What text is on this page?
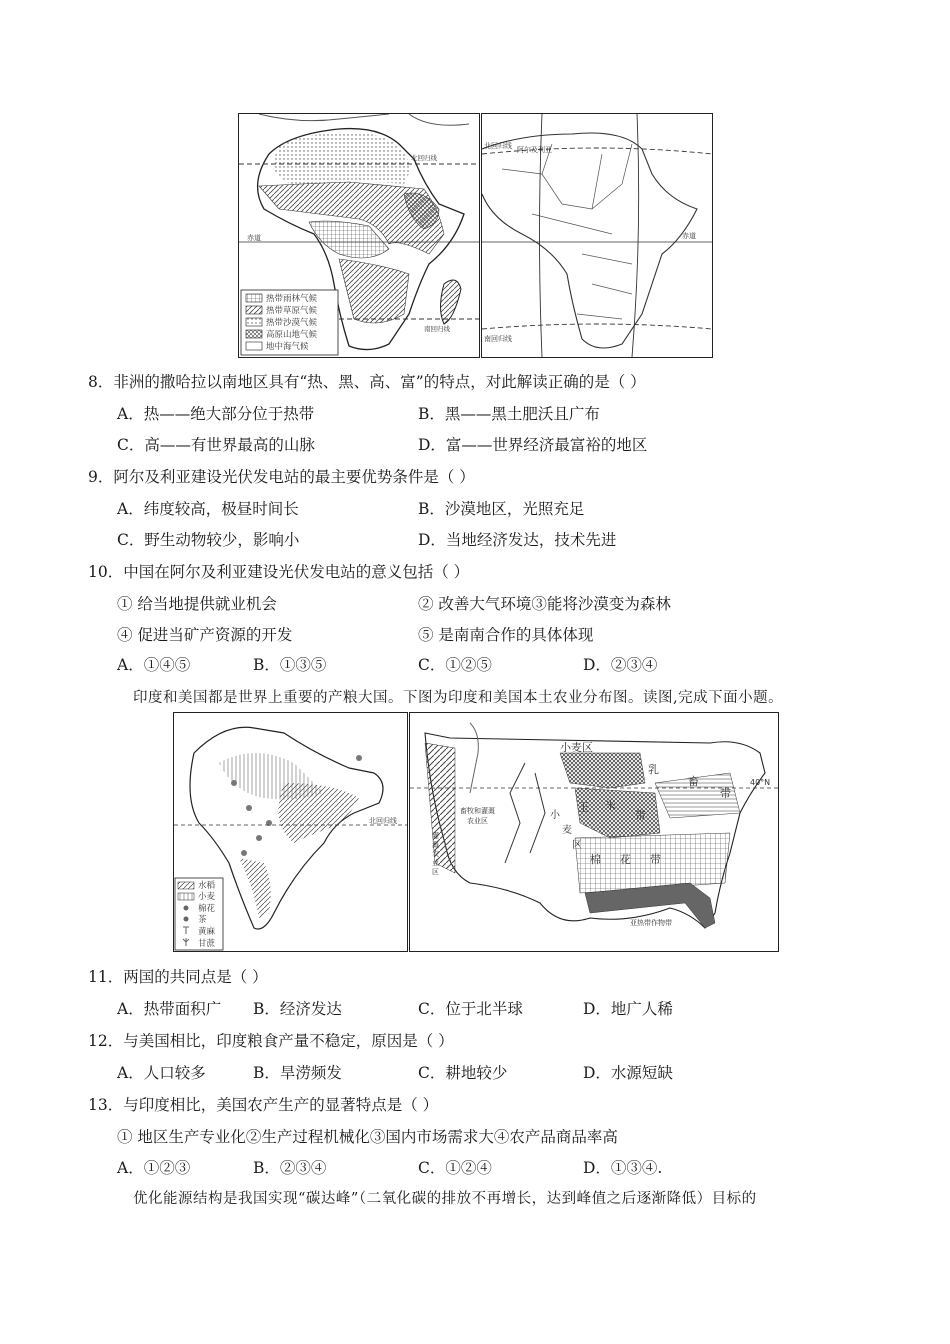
赤道
北回归线
南回归线
热带雨林气候
热带草原气候
热带沙漠气候
高原山地气候
地中海气候
北回归线 阿尔及利亚
赤道
南回归线
8．非洲的撒哈拉以南地区具有“热、黑、高、富”的特点，对此解读正确的是（ ）
A．热——绝大部分位于热带	B．黑——黑土肥沃且广布
C．高——有世界最高的山脉	D．富——世界经济最富裕的地区
9．阿尔及利亚建设光伏发电站的最主要优势条件是（ ）
A．纬度较高，极昼时间长	B．沙漠地区，光照充足
C．野生动物较少，影响小	D．当地经济发达，技术先进
10．中国在阿尔及利亚建设光伏发电站的意义包括（ ）
① 给当地提供就业机会	② 改善大气环境③能将沙漠变为森林
④ 促进当矿产资源的开发	⑤ 是南南合作的具体体现
A．①④⑤	B．①③⑤	C．①②⑤	D．②③④
印度和美国都是世界上重要的产粮大国。下图为印度和美国本土农业分布图。读图,完成下面小题。
北回归线
水稻
小麦
棉花
茶
黄麻
甘蔗
小麦区
乳
畜
带
40°N
玉 米
带
小
麦
区
棉 花 带
亚热带作物带
畜牧和灌溉
农业区
灌
溉
农
业
区
11．两国的共同点是（ ）
A．热带面积广 B．经济发达	C．位于北半球	D．地广人稀
12．与美国相比，印度粮食产量不稳定，原因是（ ）
A．人口较多	B．旱涝频发	C．耕地较少	D．水源短缺
13．与印度相比，美国农产生产的显著特点是（ ）
① 地区生产专业化②生产过程机械化③国内市场需求大④农产品商品率高
A．①②③	B．②③④	C．①②④	D．①③④.
优化能源结构是我国实现“碳达峰”（二氧化碳的排放不再增长，达到峰值之后逐渐降低）目标的
